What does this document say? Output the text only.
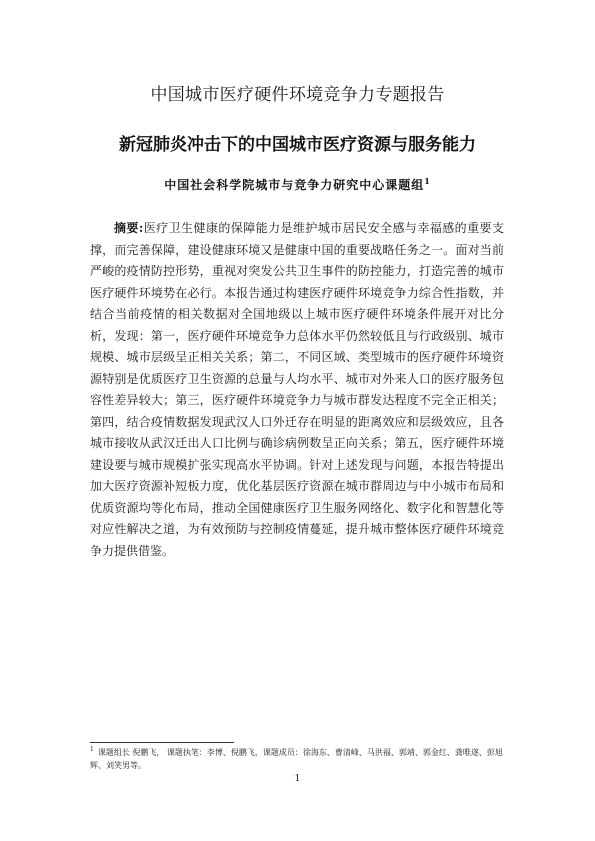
中国城市医疗硬件环境竞争力专题报告
新冠肺炎冲击下的中国城市医疗资源与服务能力
中国社会科学院城市与竞争力研究中心课题组$^1$

摘要:医疗卫生健康的保障能力是维护城市居民安全感与幸福感的重要支撑，而完善保障，建设健康环境又是健康中国的重要战略任务之一。面对当前严峻的疫情防控形势，重视对突发公共卫生事件的防控能力，打造完善的城市医疗硬件环境势在必行。本报告通过构建医疗硬件环境竞争力综合性指数，并结合当前疫情的相关数据对全国地级以上城市医疗硬件环境条件展开对比分析，发现：第一，医疗硬件环境竞争力总体水平仍然较低且与行政级别、城市规模、城市层级呈正相关关系；第二，不同区域、类型城市的医疗硬件环境资源特别是优质医疗卫生资源的总量与人均水平、城市对外来人口的医疗服务包容性差异较大；第三，医疗硬件环境竞争力与城市群发达程度不完全正相关；第四，结合疫情数据发现武汉人口外迁存在明显的距离效应和层级效应，且各城市接收从武汉迁出人口比例与确诊病例数呈正向关系；第五，医疗硬件环境建设要与城市规模扩张实现高水平协调。针对上述发现与问题，本报告特提出加大医疗资源补短板力度，优化基层医疗资源在城市群周边与中小城市布局和优质资源均等化布局，推动全国健康医疗卫生服务网络化、数字化和智慧化等对应性解决之道，为有效预防与控制疫情蔓延，提升城市整体医疗硬件环境竞争力提供借鉴。

$^1$ 课题组长 倪鹏飞， 课题执笔：李博、倪鹏飞，课题成员：徐海东、曹清峰、马洪福、郭靖、郭金红、龚唯遂、彭旭辉、刘笑男等。

1
